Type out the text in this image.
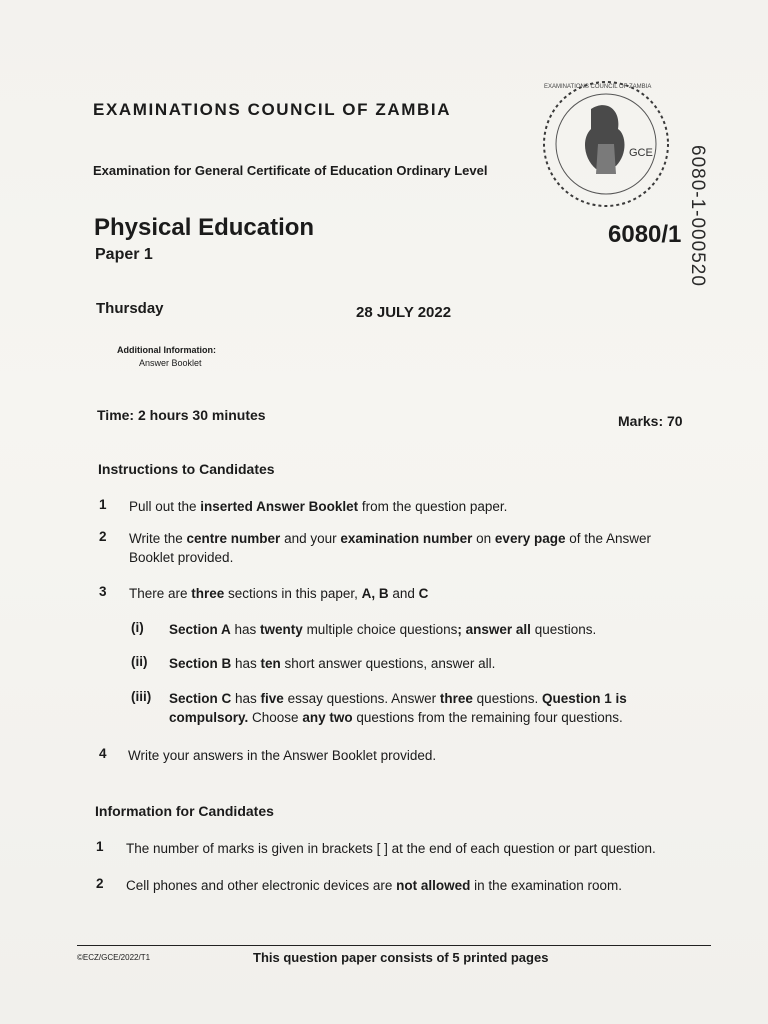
EXAMINATIONS COUNCIL OF ZAMBIA
Examination for General Certificate of Education Ordinary Level
GCE
EXAMINATIONS COUNCIL OF ZAMBIA
6080-1-000520
Physical Education
Paper 1
6080/1
Thursday	28 JULY 2022
Additional Information:
Answer Booklet
Time: 2 hours 30 minutes	Marks: 70
Instructions to Candidates
1 Pull out the inserted Answer Booklet from the question paper.
2 Write the centre number and your examination number on every page of the Answer Booklet provided.
3 There are three sections in this paper, A, B and C
(i) Section A has twenty multiple choice questions; answer all questions.
(ii) Section B has ten short answer questions, answer all.
(iii) Section C has five essay questions. Answer three questions. Question 1 is compulsory. Choose any two questions from the remaining four questions.
4 Write your answers in the Answer Booklet provided.
Information for Candidates
1 The number of marks is given in brackets [ ] at the end of each question or part question.
2 Cell phones and other electronic devices are not allowed in the examination room.
©ECZ/GCE/2022/T1	This question paper consists of 5 printed pages
